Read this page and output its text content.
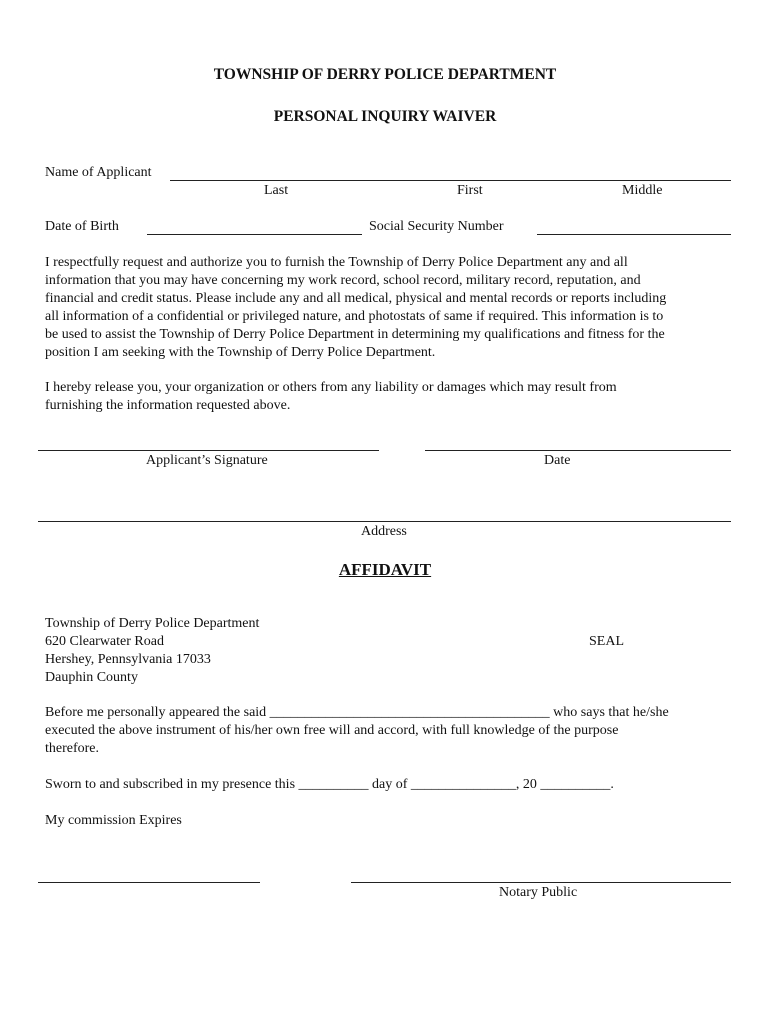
TOWNSHIP OF DERRY POLICE DEPARTMENT
PERSONAL INQUIRY WAIVER
Name of Applicant
Last	First	Middle
Date of Birth	Social Security Number
I respectfully request and authorize you to furnish the Township of Derry Police Department any and all
information that you may have concerning my work record, school record, military record, reputation, and
financial and credit status. Please include any and all medical, physical and mental records or reports including
all information of a confidential or privileged nature, and photostats of same if required. This information is to
be used to assist the Township of Derry Police Department in determining my qualifications and fitness for the
position I am seeking with the Township of Derry Police Department.
I hereby release you, your organization or others from any liability or damages which may result from
furnishing the information requested above.
Applicant’s Signature	Date
Address
AFFIDAVIT
Township of Derry Police Department
620 Clearwater Road
Hershey, Pennsylvania 17033
Dauphin County
SEAL
Before me personally appeared the said ________________________________________ who says that he/she
executed the above instrument of his/her own free will and accord, with full knowledge of the purpose
therefore.
Sworn to and subscribed in my presence this __________ day of _______________, 20 __________.
My commission Expires
Notary Public
